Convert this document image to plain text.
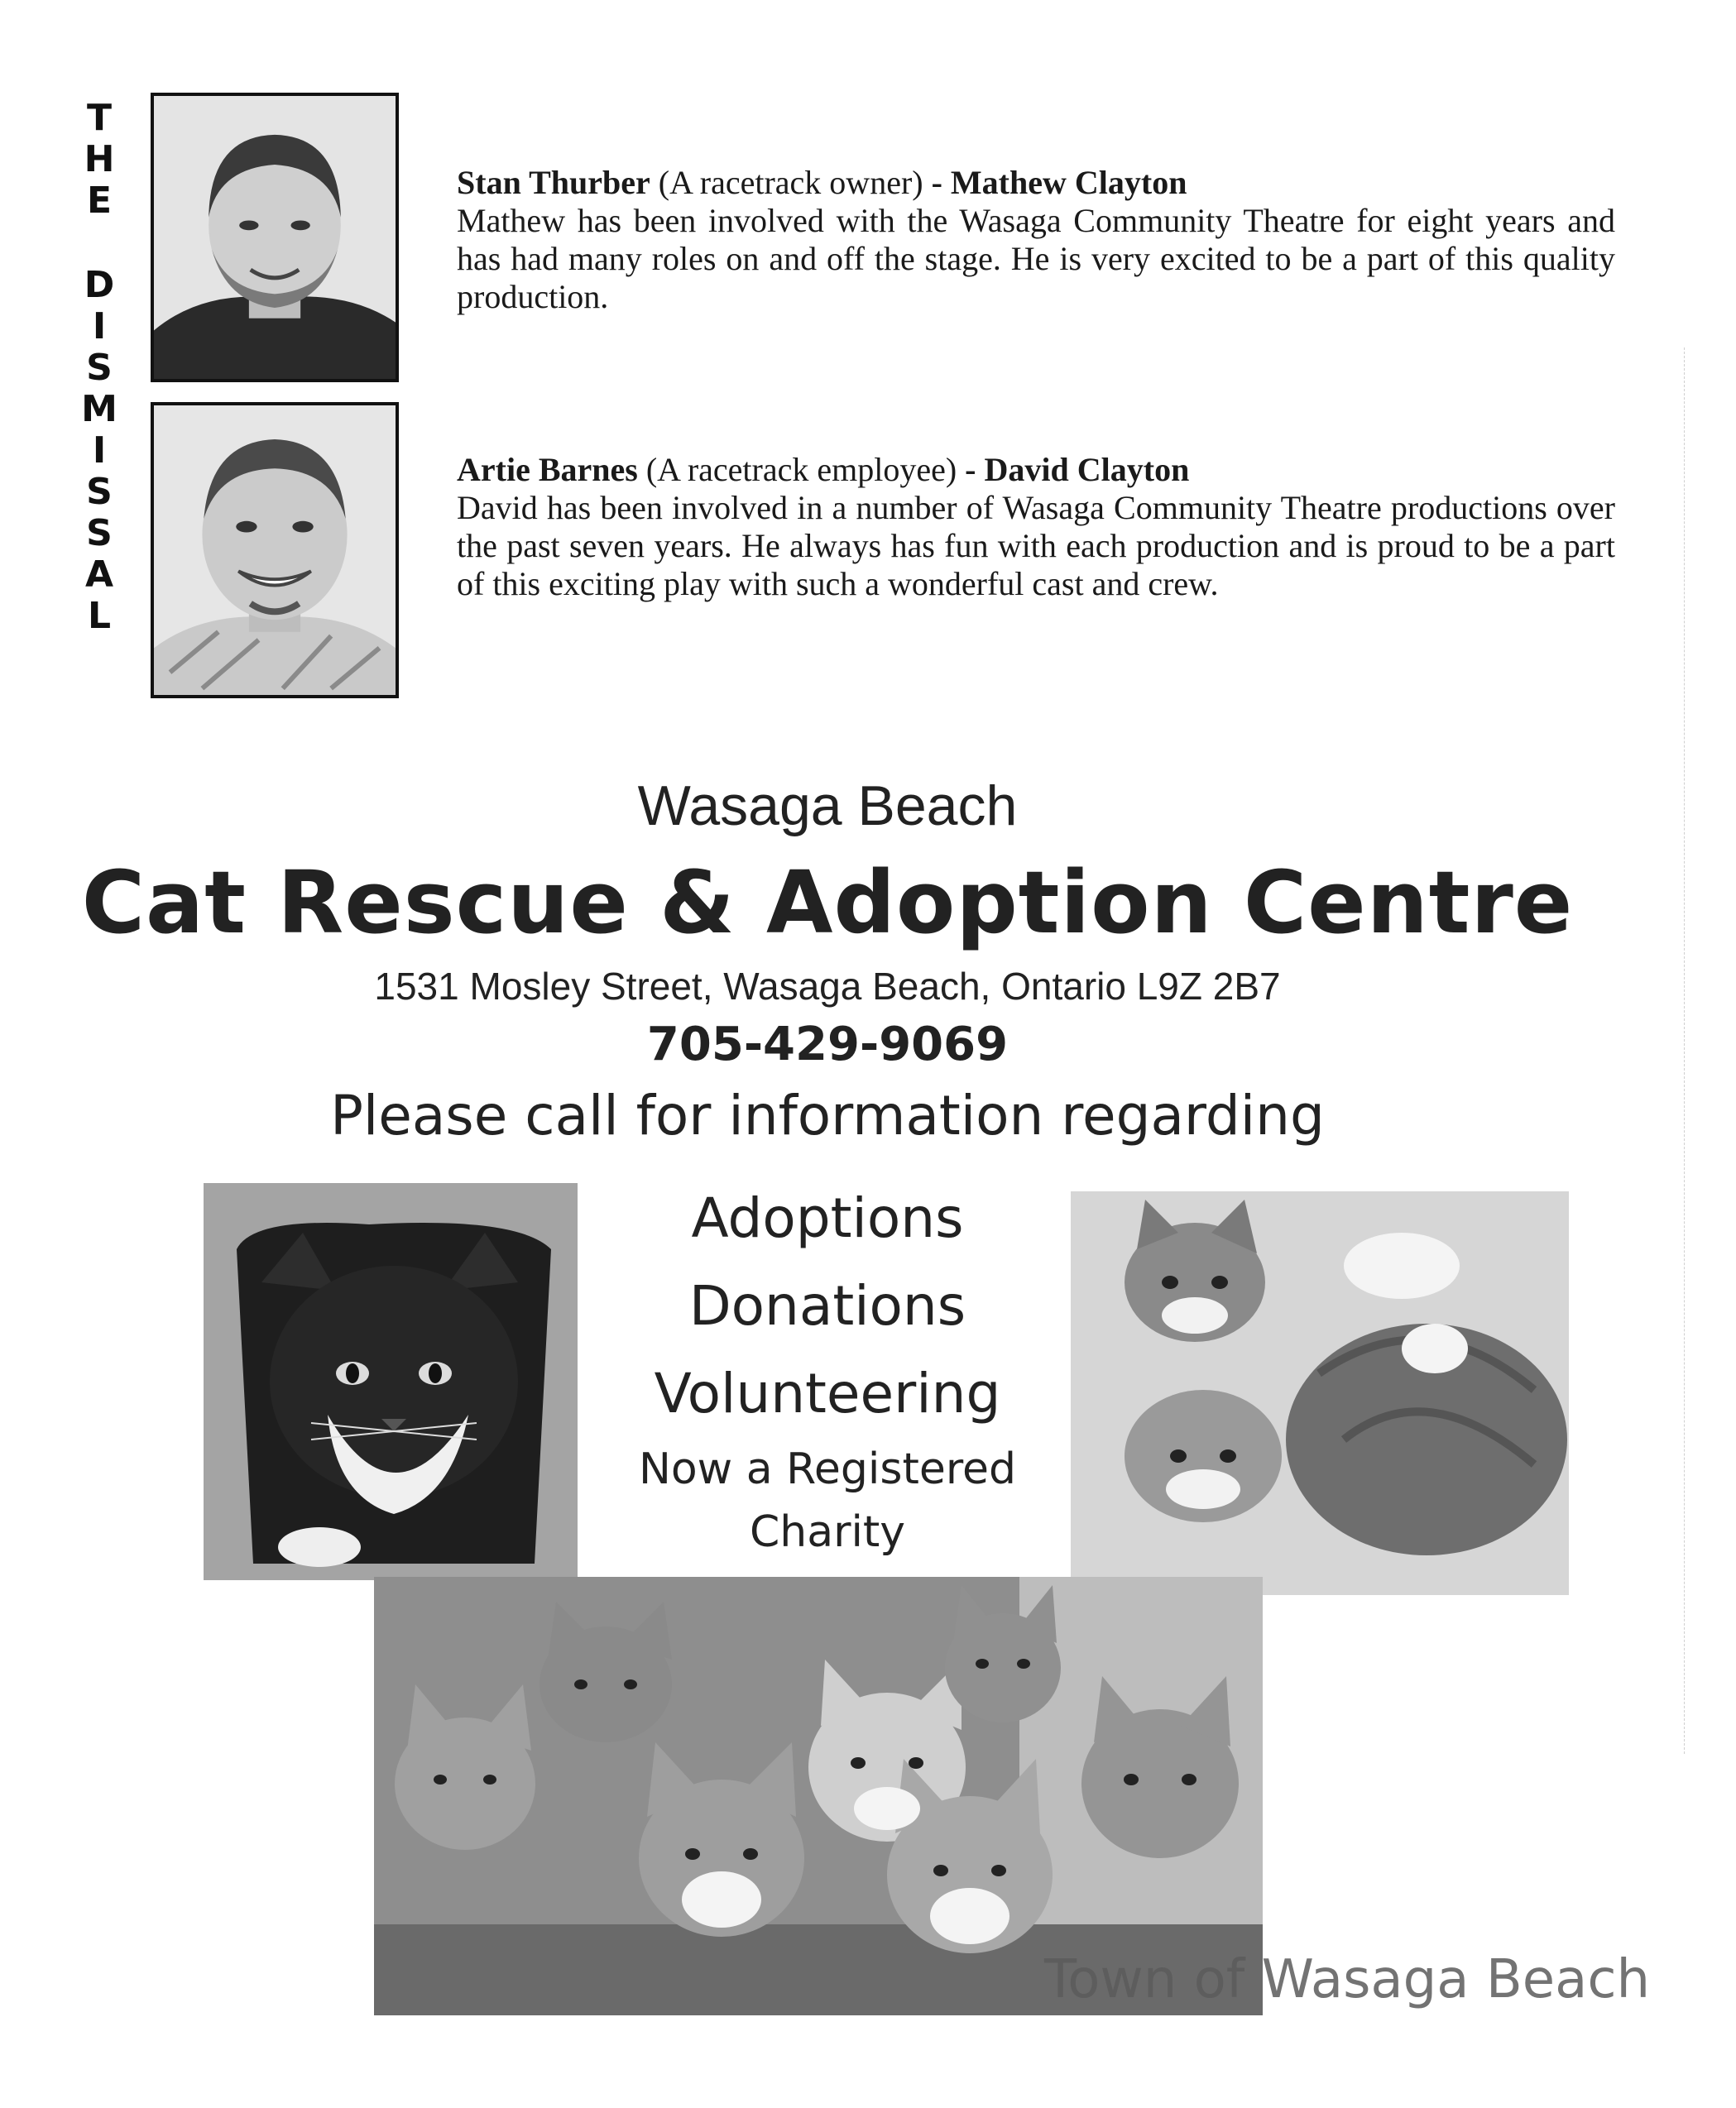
T
H
E
D
I
S
M
I
S
S
A
L
Stan Thurber (A racetrack owner) - Mathew Clayton
Mathew has been involved with the Wasaga Community Theatre for eight years and has had many roles on and off the stage. He is very excited to be a part of this quality production.
Artie Barnes (A racetrack employee) - David Clayton
David has been involved in a number of Wasaga Community Theatre productions over the past seven years. He always has fun with each production and is proud to be a part of this exciting play with such a wonderful cast and crew.
Wasaga Beach
Cat Rescue & Adoption Centre
1531 Mosley Street, Wasaga Beach, Ontario L9Z 2B7
705-429-9069
Please call for information regarding
Adoptions
Donations
Volunteering
Now a Registered
Charity
Town of Wasaga Beach
